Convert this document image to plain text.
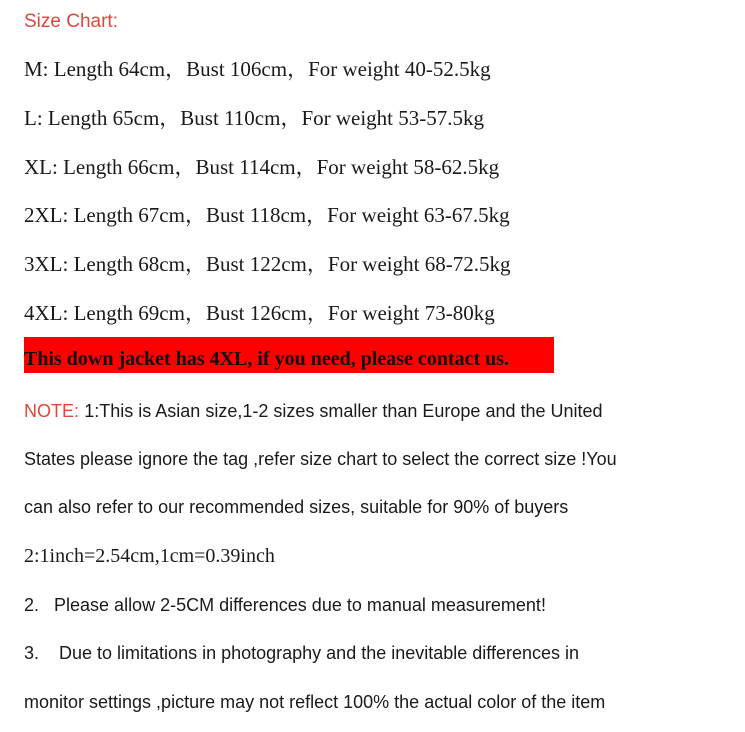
Size Chart:
M: Length 64cm，Bust 106cm，For weight 40-52.5kg
L: Length 65cm，Bust 110cm，For weight 53-57.5kg
XL: Length 66cm，Bust 114cm，For weight 58-62.5kg
2XL: Length 67cm，Bust 118cm，For weight 63-67.5kg
3XL: Length 68cm，Bust 122cm，For weight 68-72.5kg
4XL: Length 69cm，Bust 126cm，For weight 73-80kg
This down jacket has 4XL, if you need, please contact us.
NOTE: 1:This is Asian size,1-2 sizes smaller than Europe and the United
States please ignore the tag ,refer size chart to select the correct size !You
can also refer to our recommended sizes, suitable for 90% of buyers
2:1inch=2.54cm,1cm=0.39inch
2.   Please allow 2-5CM differences due to manual measurement!
3.    Due to limitations in photography and the inevitable differences in
monitor settings ,picture may not reflect 100% the actual color of the item
